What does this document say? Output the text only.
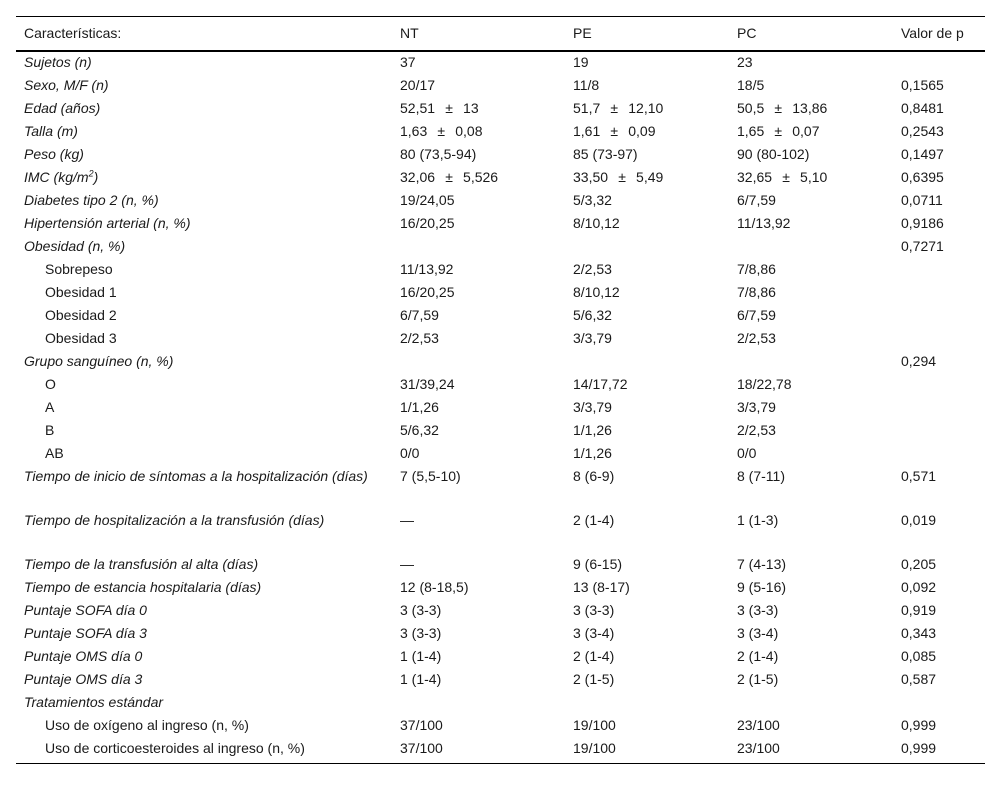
Características:	NT	PE	PC	Valor de p
Sujetos (n)	37	19	23	
Sexo, M/F (n)	20/17	11/8	18/5	0,1565
Edad (años)	52,51 ± 13	51,7 ± 12,10	50,5 ± 13,86	0,8481
Talla (m)	1,63 ± 0,08	1,61 ± 0,09	1,65 ± 0,07	0,2543
Peso (kg)	80 (73,5-94)	85 (73-97)	90 (80-102)	0,1497
IMC $(kg/m^2)$	32,06 ± 5,526	33,50 ± 5,49	32,65 ± 5,10	0,6395
Diabetes tipo 2 (n, %)	19/24,05	5/3,32	6/7,59	0,0711
Hipertensión arterial (n, %)	16/20,25	8/10,12	11/13,92	0,9186
Obesidad (n, %)				0,7271
Sobrepeso	11/13,92	2/2,53	7/8,86	
Obesidad 1	16/20,25	8/10,12	7/8,86	
Obesidad 2	6/7,59	5/6,32	6/7,59	
Obesidad 3	2/2,53	3/3,79	2/2,53	
Grupo sanguíneo (n, %)				0,294
O	31/39,24	14/17,72	18/22,78	
A	1/1,26	3/3,79	3/3,79	
B	5/6,32	1/1,26	2/2,53	
AB	0/0	1/1,26	0/0	
Tiempo de inicio de síntomas a la hospitalización (días)	7 (5,5-10)	8 (6-9)	8 (7-11)	0,571
Tiempo de hospitalización a la transfusión (días)	—	2 (1-4)	1 (1-3)	0,019
Tiempo de la transfusión al alta (días)	—	9 (6-15)	7 (4-13)	0,205
Tiempo de estancia hospitalaria (días)	12 (8-18,5)	13 (8-17)	9 (5-16)	0,092
Puntaje SOFA día 0	3 (3-3)	3 (3-3)	3 (3-3)	0,919
Puntaje SOFA día 3	3 (3-3)	3 (3-4)	3 (3-4)	0,343
Puntaje OMS día 0	1 (1-4)	2 (1-4)	2 (1-4)	0,085
Puntaje OMS día 3	1 (1-4)	2 (1-5)	2 (1-5)	0,587
Tratamientos estándar				
Uso de oxígeno al ingreso (n, %)	37/100	19/100	23/100	0,999
Uso de corticoesteroides al ingreso (n, %)	37/100	19/100	23/100	0,999
